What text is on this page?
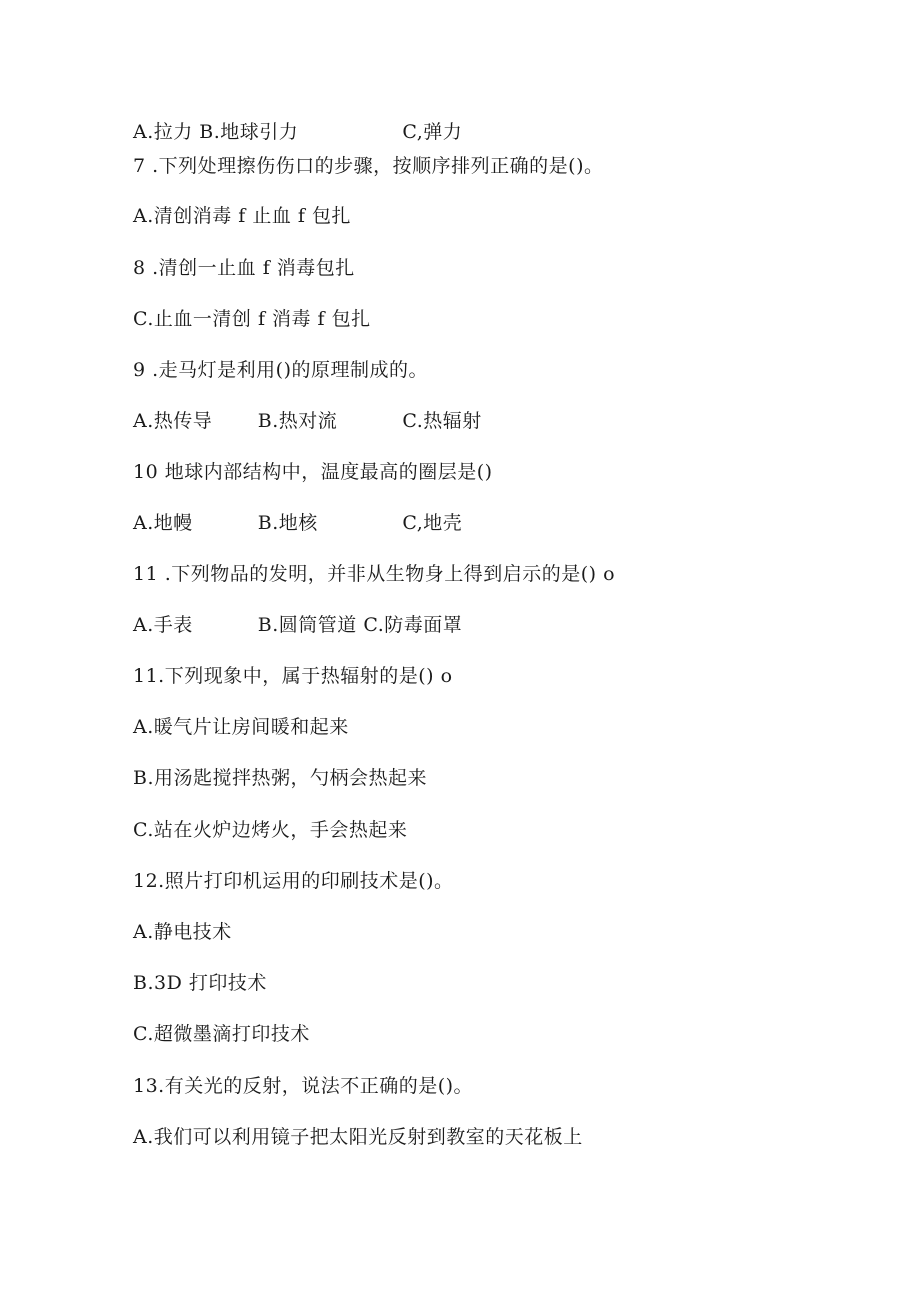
A.拉力 B.地球引力 　　　　　C,弹力

7 .下列处理擦伤伤口的步骤，按顺序排列正确的是()。

A.清创消毒 f 止血 f 包扎

8 .清创一止血 f 消毒包扎

C.止血一清创 f 消毒 f 包扎

9 .走马灯是利用()的原理制成的。

A.热传导 　　B.热对流 　　　C.热辐射

10 地球内部结构中，温度最高的圈层是()

A.地幔 　　　B.地核 　　　　C,地壳

11 .下列物品的发明，并非从生物身上得到启示的是() o

A.手表 　　　B.圆筒管道 C.防毒面罩

11.下列现象中，属于热辐射的是() o

A.暖气片让房间暖和起来

B.用汤匙搅拌热粥，勺柄会热起来

C.站在火炉边烤火，手会热起来

12.照片打印机运用的印刷技术是()。

A.静电技术

B.3D 打印技术

C.超微墨滴打印技术

13.有关光的反射，说法不正确的是()。

A.我们可以利用镜子把太阳光反射到教室的天花板上
